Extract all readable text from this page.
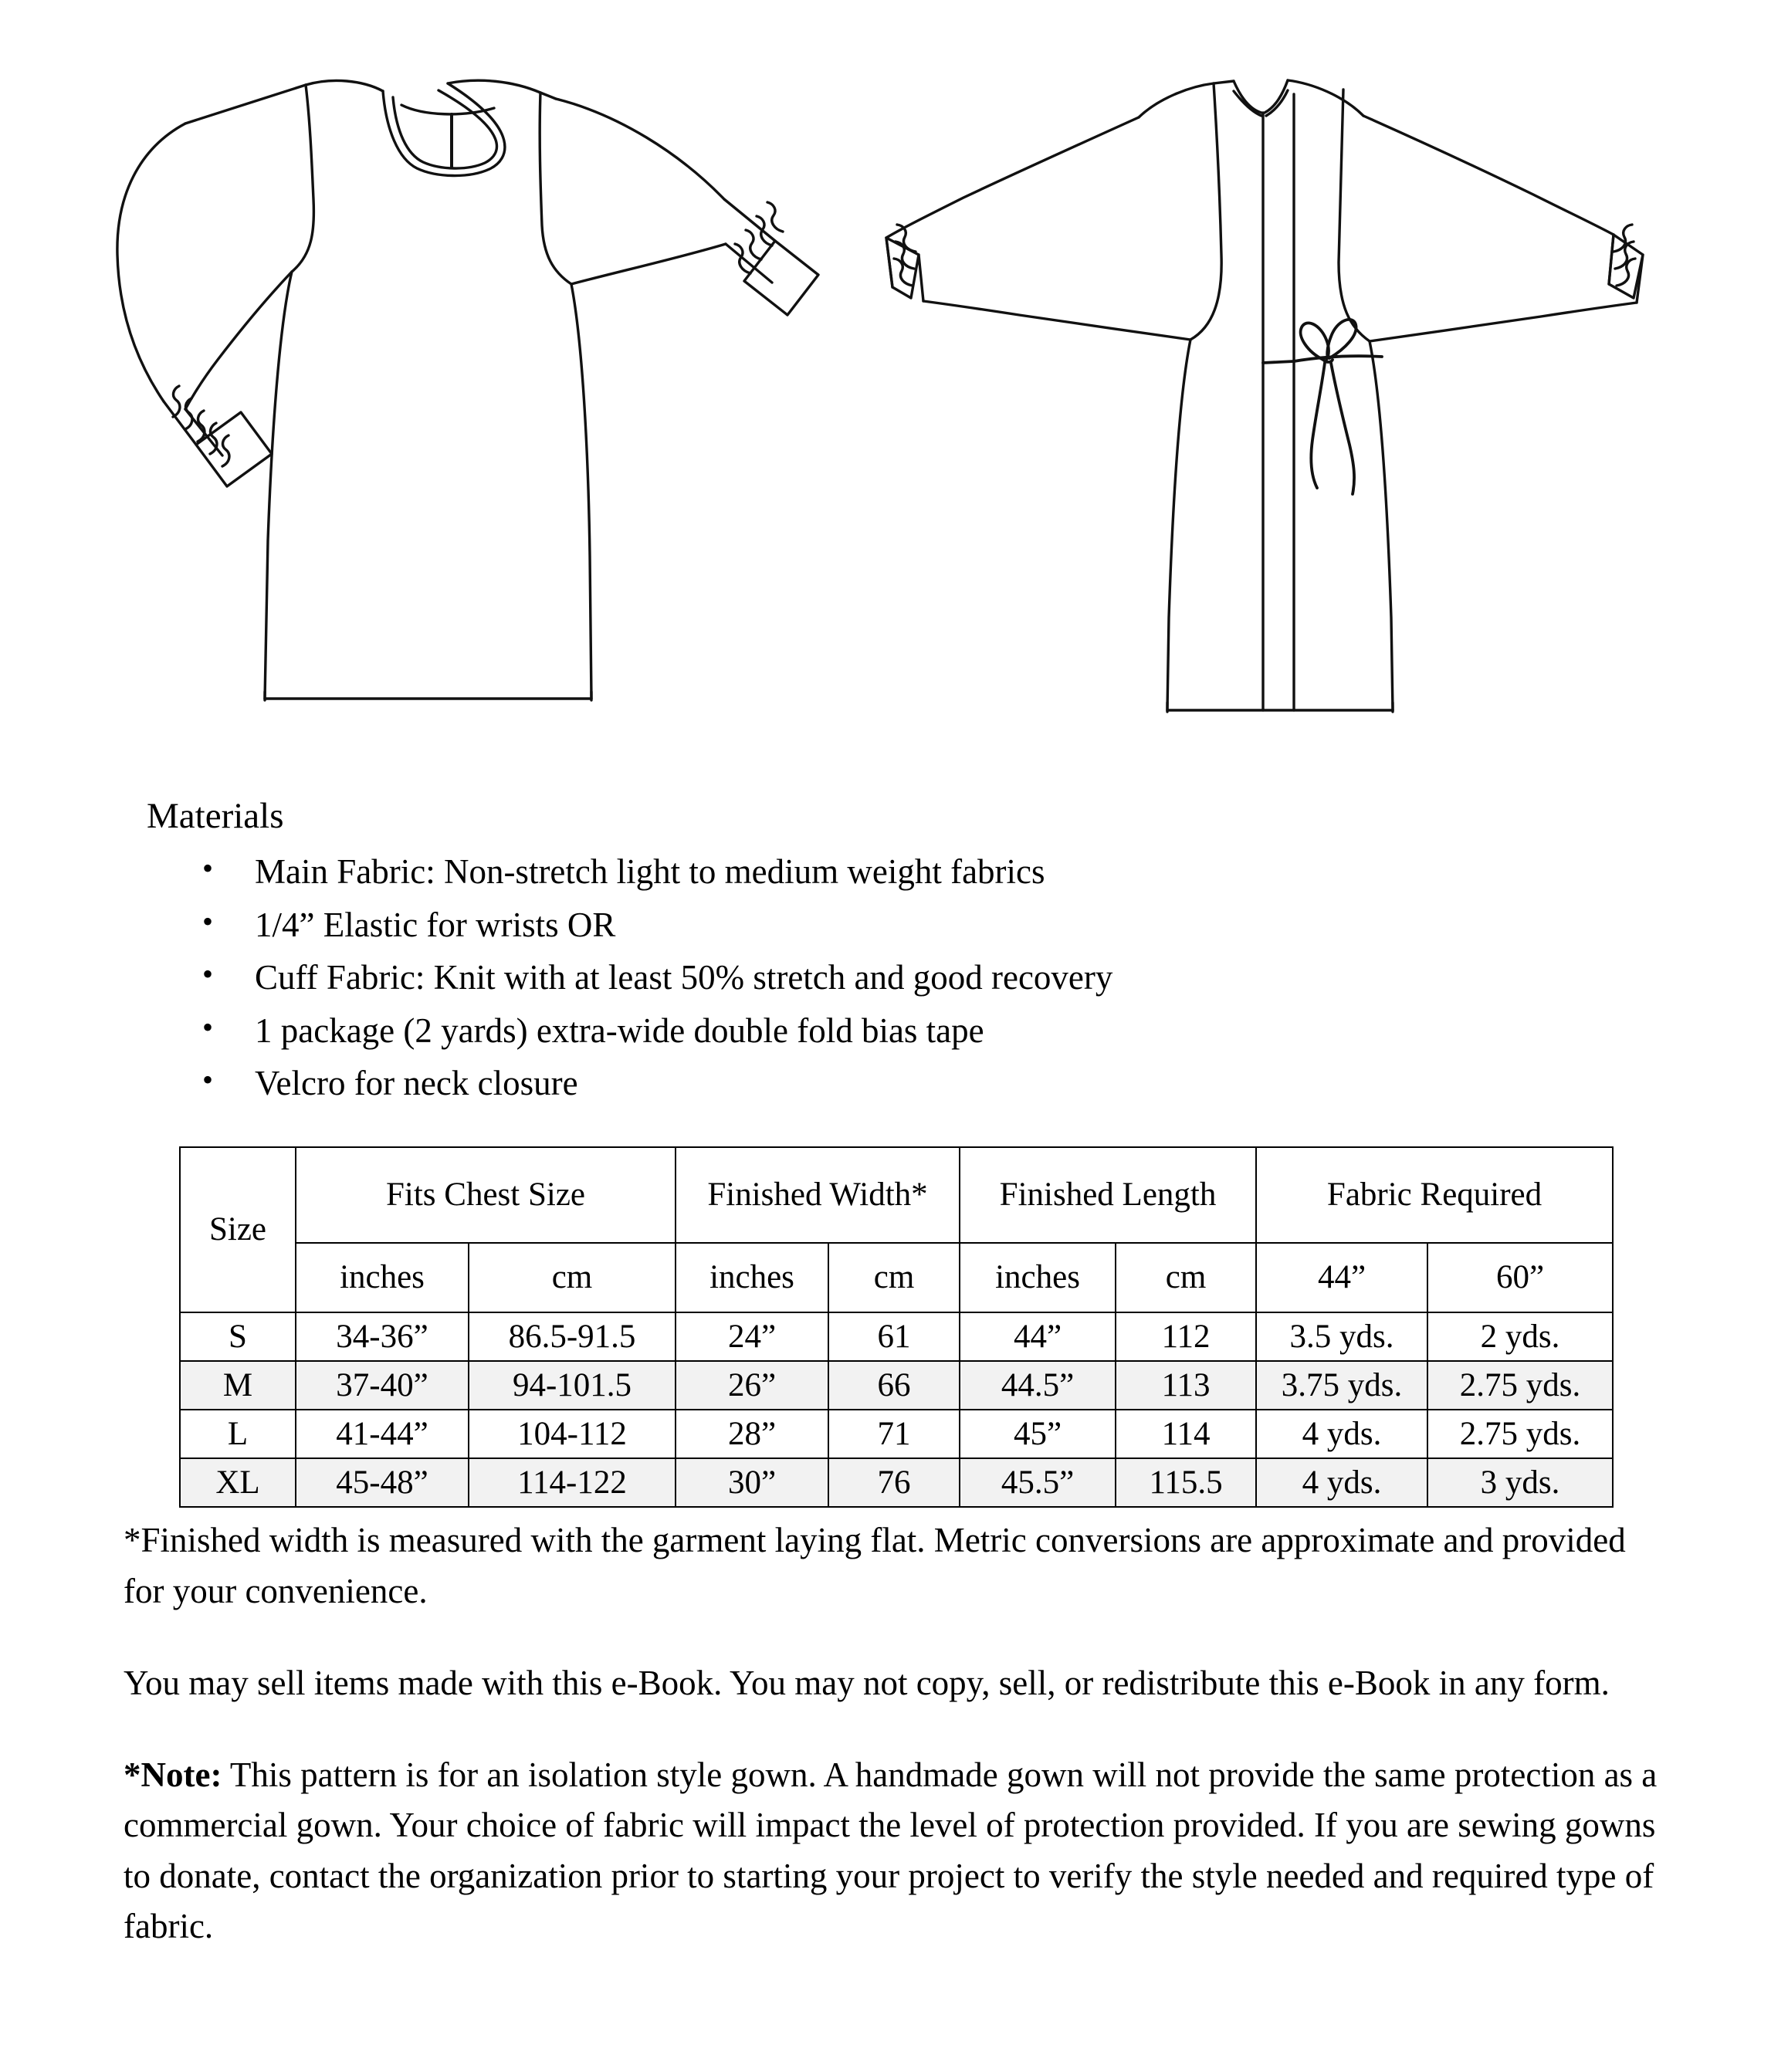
Materials
• Main Fabric: Non-stretch light to medium weight fabrics
• 1/4” Elastic for wrists OR
• Cuff Fabric: Knit with at least 50% stretch and good recovery
• 1 package (2 yards) extra-wide double fold bias tape
• Velcro for neck closure
Size	Fits Chest Size		Finished Width*		Finished Length		Fabric Required	
	inches	cm	inches	cm	inches	cm	44”	60”
S	34-36”	86.5-91.5	24”	61	44”	112	3.5 yds.	2 yds.
M	37-40”	94-101.5	26”	66	44.5”	113	3.75 yds.	2.75 yds.
L	41-44”	104-112	28”	71	45”	114	4 yds.	2.75 yds.
XL	45-48”	114-122	30”	76	45.5”	115.5	4 yds.	3 yds.

*Finished width is measured with the garment laying flat. Metric conversions are approximate and provided for your convenience.

You may sell items made with this e-Book. You may not copy, sell, or redistribute this e-Book in any form.

*Note: This pattern is for an isolation style gown. A handmade gown will not provide the same protection as a commercial gown. Your choice of fabric will impact the level of protection provided. If you are sewing gowns to donate, contact the organization prior to starting your project to verify the style needed and required type of fabric.
